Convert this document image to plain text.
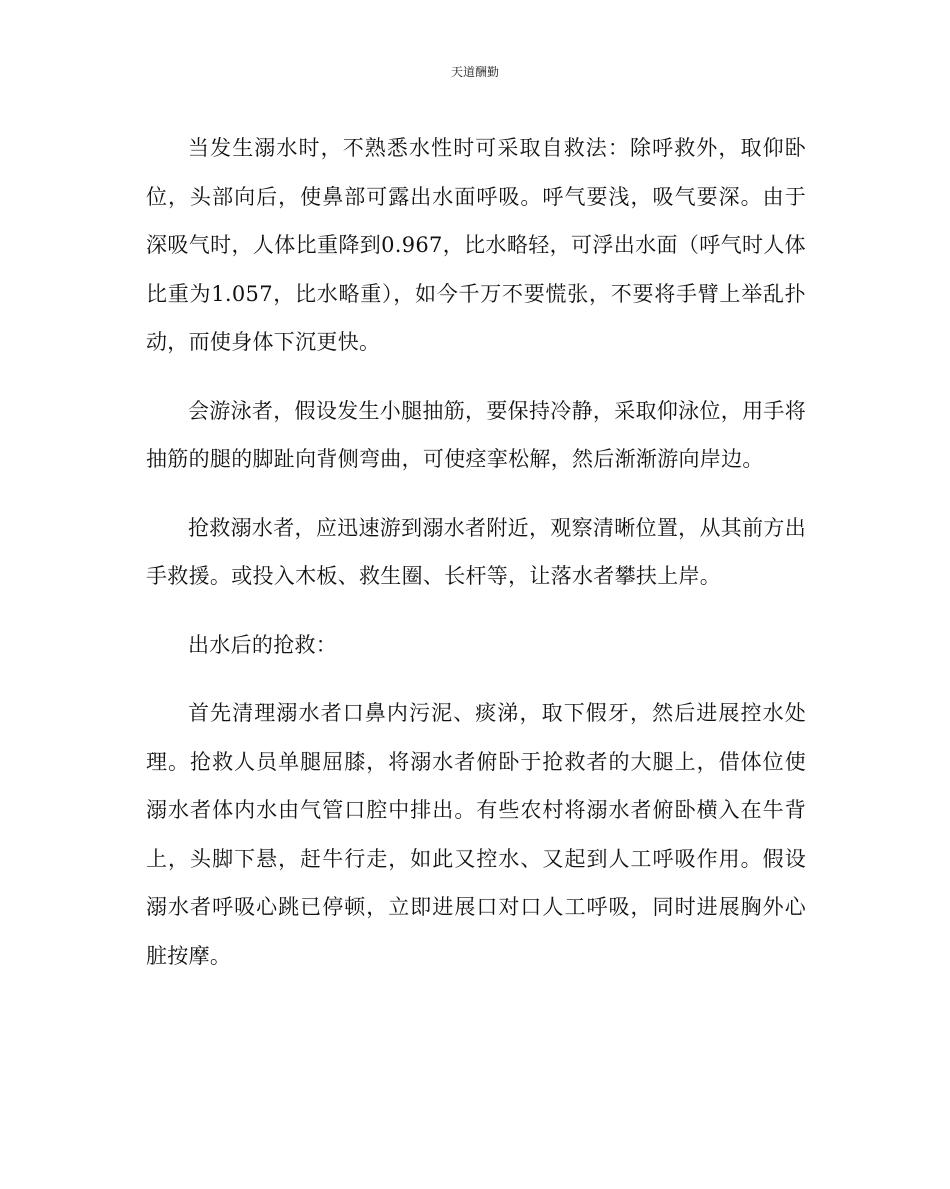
天道酬勤

当发生溺水时，不熟悉水性时可采取自救法：除呼救外，取仰卧位，头部向后，使鼻部可露出水面呼吸。呼气要浅，吸气要深。由于深吸气时，人体比重降到0.967，比水略轻，可浮出水面（呼气时人体比重为1.057，比水略重），如今千万不要慌张，不要将手臂上举乱扑动，而使身体下沉更快。

会游泳者，假设发生小腿抽筋，要保持冷静，采取仰泳位，用手将抽筋的腿的脚趾向背侧弯曲，可使痉挛松解，然后渐渐游向岸边。

抢救溺水者，应迅速游到溺水者附近，观察清晰位置，从其前方出手救援。或投入木板、救生圈、长杆等，让落水者攀扶上岸。

出水后的抢救：

首先清理溺水者口鼻内污泥、痰涕，取下假牙，然后进展控水处理。抢救人员单腿屈膝，将溺水者俯卧于抢救者的大腿上，借体位使溺水者体内水由气管口腔中排出。有些农村将溺水者俯卧横入在牛背上，头脚下悬，赶牛行走，如此又控水、又起到人工呼吸作用。假设溺水者呼吸心跳已停顿，立即进展口对口人工呼吸，同时进展胸外心脏按摩。
